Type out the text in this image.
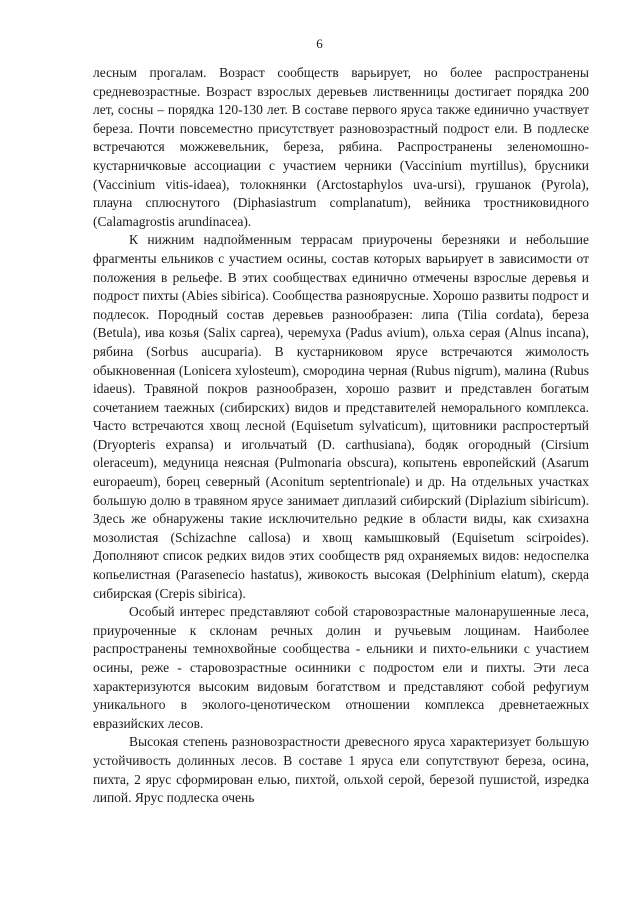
6

лесным прогалам. Возраст сообществ варьирует, но более распространены средневозрастные. Возраст взрослых деревьев лиственницы достигает порядка 200 лет, сосны – порядка 120-130 лет. В составе первого яруса также единично участвует береза. Почти повсеместно присутствует разновозрастный подрост ели. В подлеске встречаются можжевельник, береза, рябина. Распространены зеленомошно-кустарничковые ассоциации с участием черники (Vaccinium myrtillus), брусники (Vaccinium vitis-idaea), толокнянки (Arctostaphylos uva-ursi), грушанок (Pyrola), плауна сплюснутого (Diphasiastrum complanatum), вейника тростниковидного (Calamagrostis arundinacea).

К нижним надпойменным террасам приурочены березняки и небольшие фрагменты ельников с участием осины, состав которых варьирует в зависимости от положения в рельефе. В этих сообществах единично отмечены взрослые деревья и подрост пихты (Abies sibirica). Сообщества разноярусные. Хорошо развиты подрост и подлесок. Породный состав деревьев разнообразен: липа (Tilia cordata), береза (Betula), ива козья (Salix caprea), черемуха (Padus avium), ольха серая (Alnus incana), рябина (Sorbus aucuparia). В кустарниковом ярусе встречаются жимолость обыкновенная (Lonicera xylosteum), смородина черная (Rubus nigrum), малина (Rubus idaeus). Травяной покров разнообразен, хорошо развит и представлен богатым сочетанием таежных (сибирских) видов и представителей неморального комплекса. Часто встречаются хвощ лесной (Equisetum sylvaticum), щитовники распростертый (Dryopteris expansa) и игольчатый (D. carthusiana), бодяк огородный (Cirsium oleraceum), медуница неясная (Pulmonaria obscura), копытень европейский (Asarum europaeum), борец северный (Aconitum septentrionale) и др. На отдельных участках большую долю в травяном ярусе занимает диплазий сибирский (Diplazium sibiricum). Здесь же обнаружены такие исключительно редкие в области виды, как схизахна мозолистая (Schizachne callosa) и хвощ камышковый (Equisetum scirpoides). Дополняют список редких видов этих сообществ ряд охраняемых видов: недоспелка копьелистная (Parasenecio hastatus), живокость высокая (Delphinium elatum), скерда сибирская (Crepis sibirica).

Особый интерес представляют собой старовозрастные малонарушенные леса, приуроченные к склонам речных долин и ручьевым лощинам. Наиболее распространены темнохвойные сообщества - ельники и пихто-ельники с участием осины, реже - старовозрастные осинники с подростом ели и пихты. Эти леса характеризуются высоким видовым богатством и представляют собой рефугиум уникального в эколого-ценотическом отношении комплекса древнетаежных евразийских лесов.

Высокая степень разновозрастности древесного яруса характеризует большую устойчивость долинных лесов. В составе 1 яруса ели сопутствуют береза, осина, пихта, 2 ярус сформирован елью, пихтой, ольхой серой, березой пушистой, изредка липой. Ярус подлеска очень
